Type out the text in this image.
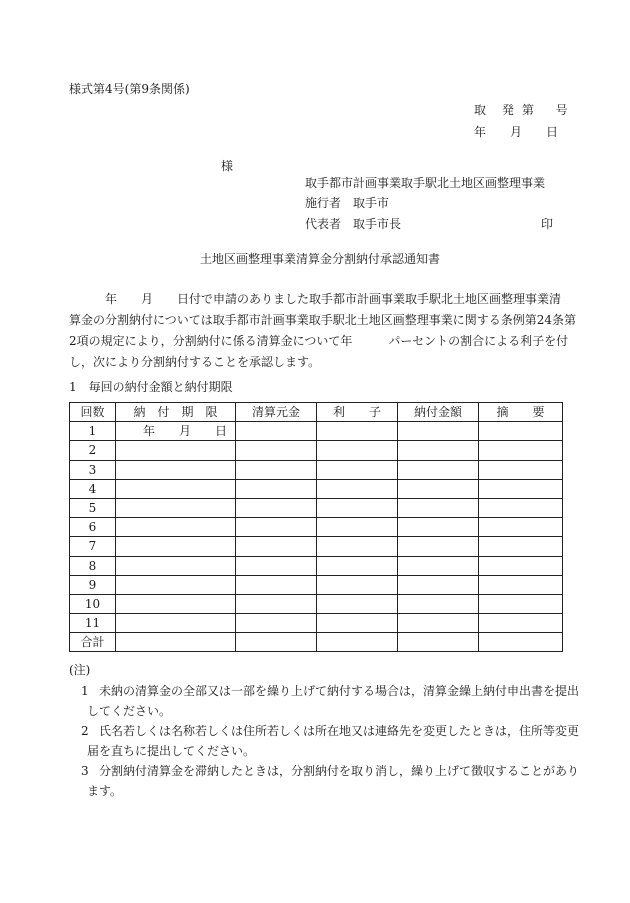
様式第4号(第9条関係)
取　発 第　 号
年　　月　　日
様
取手都市計画事業取手駅北土地区画整理事業
施行者　取手市
代表者　取手市長	印
土地区画整理事業清算金分割納付承認通知書
　　　年　　月　　日付で申請のありました取手都市計画事業取手駅北土地区画整理事業清
算金の分割納付については取手都市計画事業取手駅北土地区画整理事業に関する条例第24条第
2項の規定により，分割納付に係る清算金について年　　　パーセントの割合による利子を付
し，次により分割納付することを承認します。
1　毎回の納付金額と納付期限
回数	納　付　期　限	清算元金	利　　子	納付金額	摘　　要
1	年　　月　　日				
2					
3					
4					
5					
6					
7					
8					
9					
10					
11					
合計					
(注)
1 未納の清算金の全部又は一部を繰り上げて納付する場合は，清算金繰上納付申出書を提出
してください。
2 氏名若しくは名称若しくは住所若しくは所在地又は連絡先を変更したときは，住所等変更
届を直ちに提出してください。
3 分割納付清算金を滞納したときは，分割納付を取り消し，繰り上げて徴収することがあり
ます。
